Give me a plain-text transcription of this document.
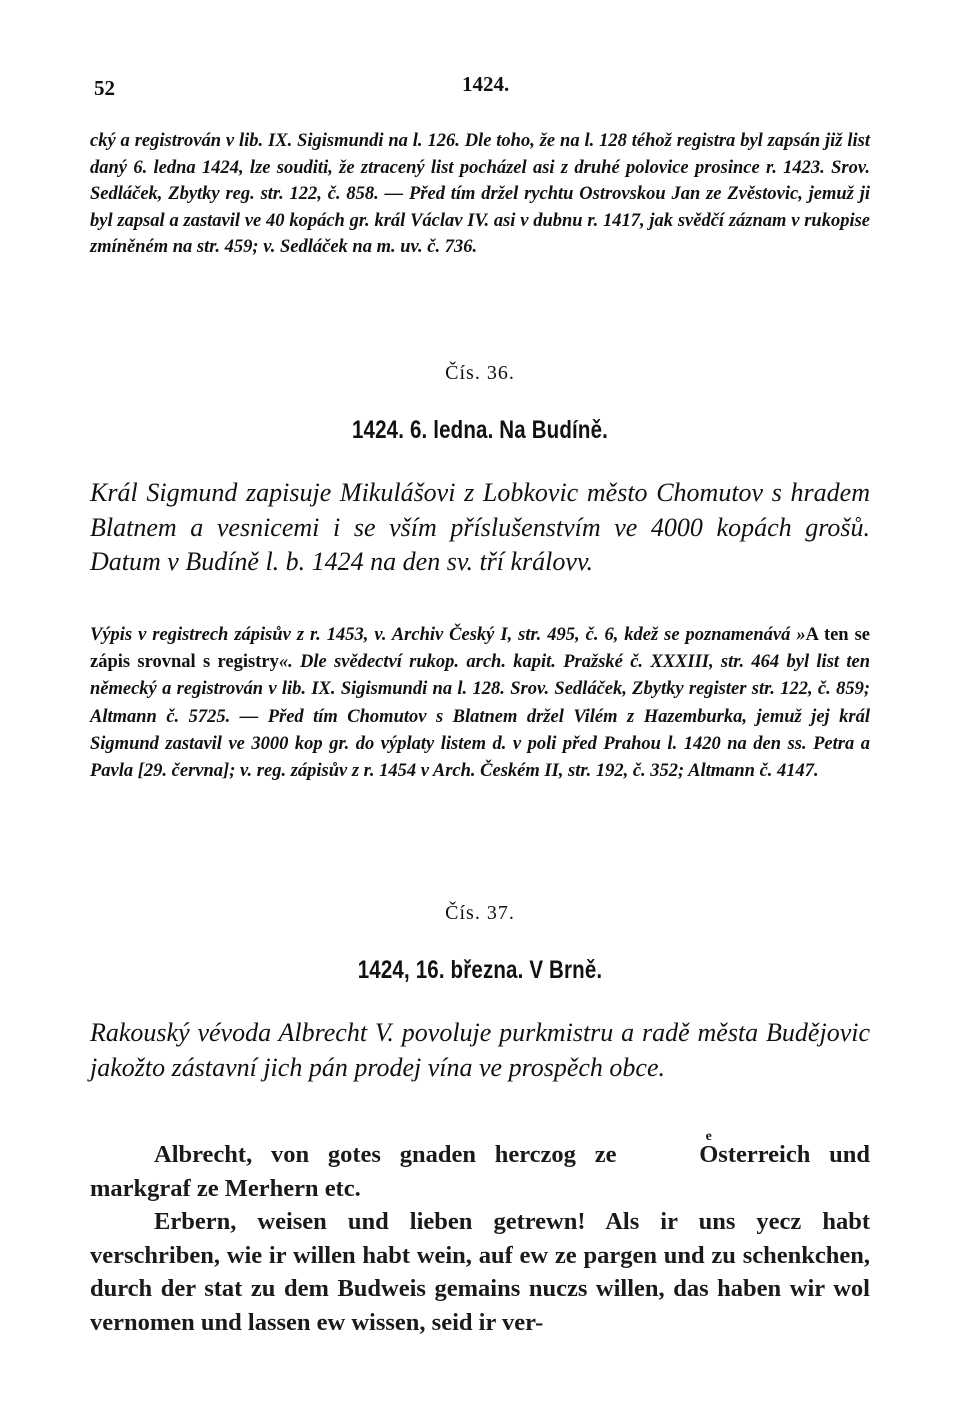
52	1424.

cký a registrován v lib. IX. Sigismundi na l. 126. Dle toho, že na l. 128 téhož registra byl zapsán již list daný 6. ledna 1424, lze souditi, že ztracený list pocházel asi z druhé polovice prosince r. 1423. Srov. Sedláček, Zbytky reg. str. 122, č. 858. — Před tím držel rychtu Ostrovskou Jan ze Zvěstovic, jemuž ji byl zapsal a zastavil ve 40 kopách gr. král Václav IV. asi v dubnu r. 1417, jak svědčí záznam v rukopise zmíněném na str. 459; v. Sedláček na m. uv. č. 736.

Čís. 36.
1424. 6. ledna. Na Budíně.

Král Sigmund zapisuje Mikulášovi z Lobkovic město Chomutov s hradem Blatnem a vesnicemi i se vším příslušenstvím ve 4000 kopách grošů. Datum v Budíně l. b. 1424 na den sv. tří královv.

Výpis v registrech zápisův z r. 1453, v. Archiv Český I, str. 495, č. 6, kdež se poznamenává »A ten se zápis srovnal s registry«. Dle svědectví rukop. arch. kapit. Pražské č. XXXIII, str. 464 byl list ten německý a registrován v lib. IX. Sigismundi na l. 128. Srov. Sedláček, Zbytky register str. 122, č. 859; Altmann č. 5725. — Před tím Chomutov s Blatnem držel Vilém z Hazemburka, jemuž jej král Sigmund zastavil ve 3000 kop gr. do výplaty listem d. v poli před Prahou l. 1420 na den ss. Petra a Pavla [29. června]; v. reg. zápisův z r. 1454 v Arch. Českém II, str. 192, č. 352; Altmann č. 4147.

Čís. 37.
1424, 16. března. V Brně.

Rakouský vévoda Albrecht V. povoluje purkmistru a radě města Budějovic jakožto zástavní jich pán prodej vína ve prospěch obce.

Albrecht, von gotes gnaden herczog ze
e
Osterreich und markgraf ze Merhern etc.

Erbern, weisen und lieben getrewn! Als ir uns yecz habt verschriben, wie ir willen habt wein, auf ew ze pargen und zu schenkchen, durch der stat zu dem Budweis gemains nuczs willen, das haben wir wol vernomen und lassen ew wissen, seid ir ver-
